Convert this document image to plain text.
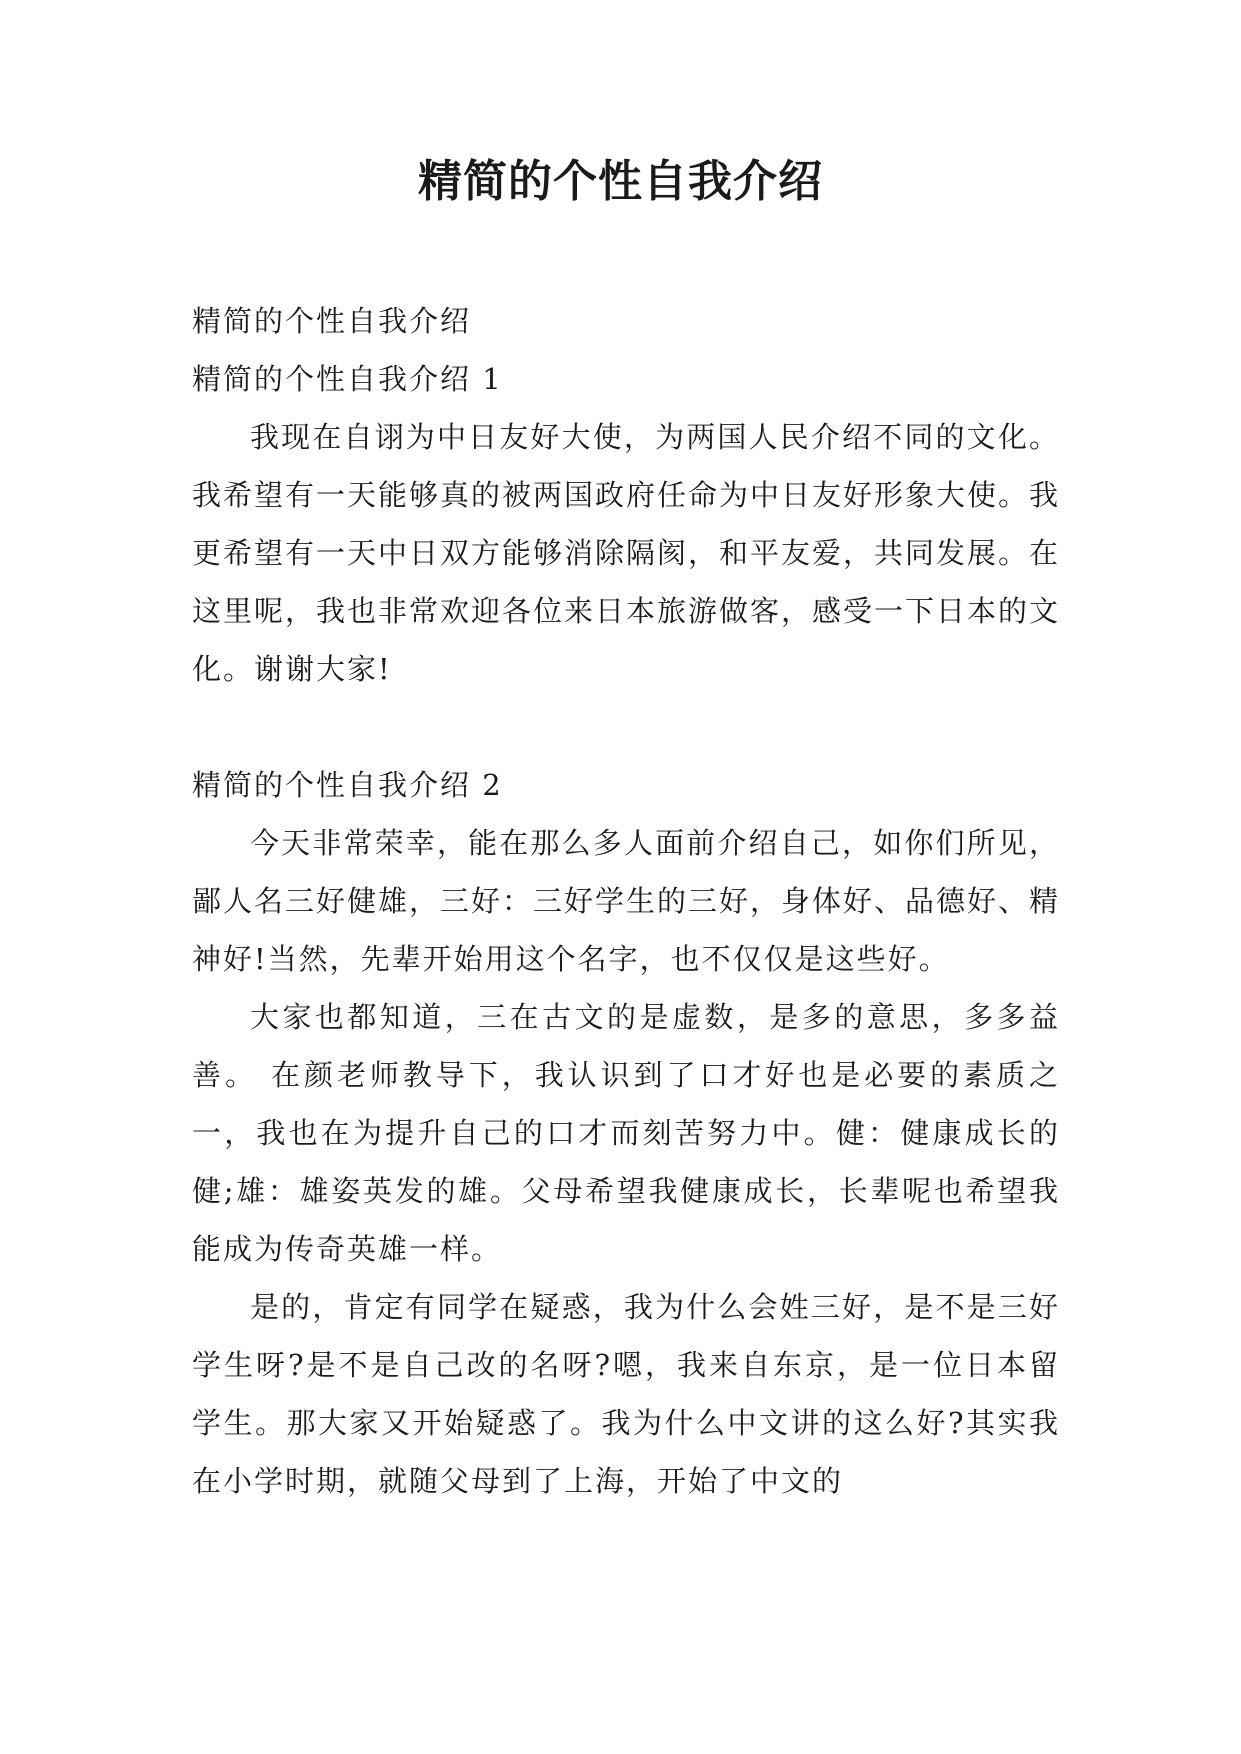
精简的个性自我介绍

精简的个性自我介绍

精简的个性自我介绍 1

我现在自诩为中日友好大使，为两国人民介绍不同的文化。我希望有一天能够真的被两国政府任命为中日友好形象大使。我更希望有一天中日双方能够消除隔阂，和平友爱，共同发展。在这里呢，我也非常欢迎各位来日本旅游做客，感受一下日本的文化。谢谢大家!

精简的个性自我介绍 2

今天非常荣幸，能在那么多人面前介绍自己，如你们所见，鄙人名三好健雄，三好：三好学生的三好，身体好、品德好、精神好!当然，先辈开始用这个名字，也不仅仅是这些好。

大家也都知道，三在古文的是虚数，是多的意思，多多益善。 在颜老师教导下，我认识到了口才好也是必要的素质之一，我也在为提升自己的口才而刻苦努力中。健：健康成长的健;雄：雄姿英发的雄。父母希望我健康成长，长辈呢也希望我能成为传奇英雄一样。

是的，肯定有同学在疑惑，我为什么会姓三好，是不是三好学生呀?是不是自己改的名呀?嗯，我来自东京，是一位日本留学生。那大家又开始疑惑了。我为什么中文讲的这么好?其实我在小学时期，就随父母到了上海，开始了中文的
